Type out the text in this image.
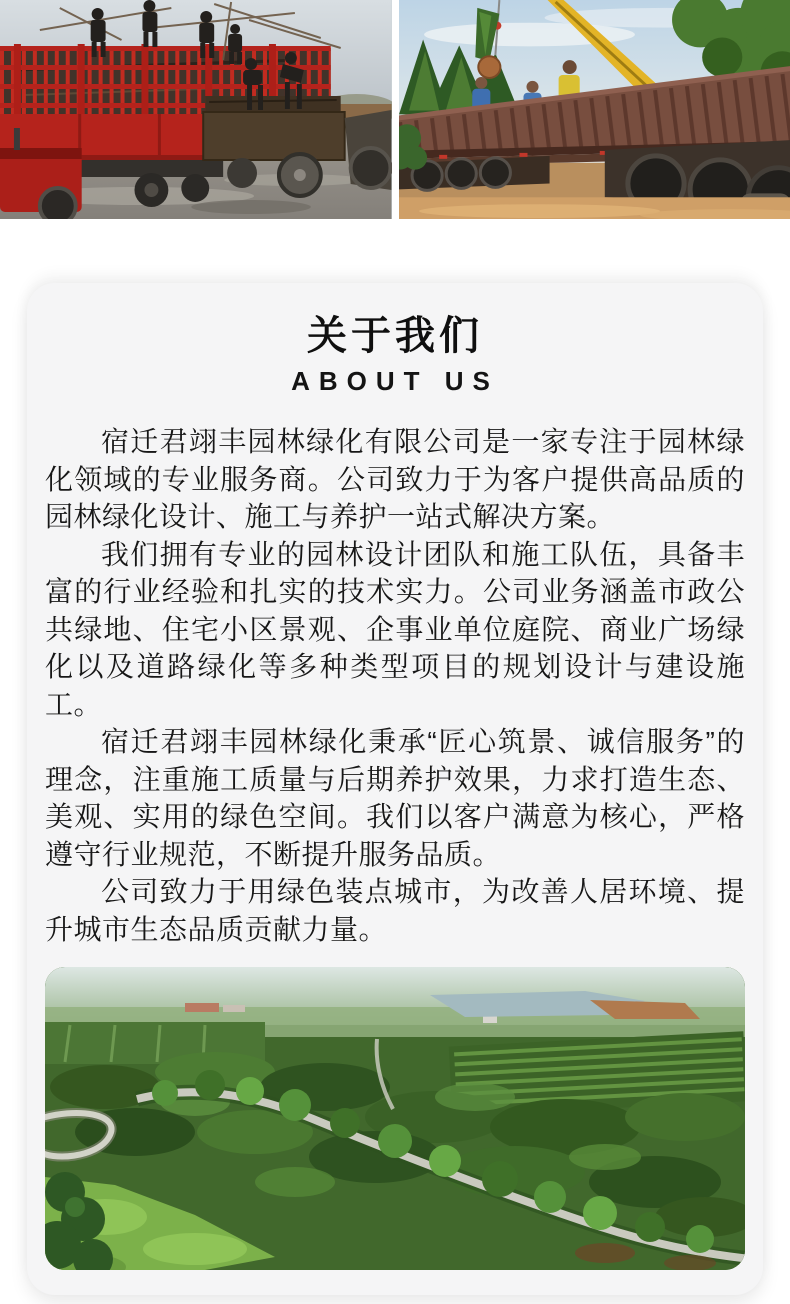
关于我们
ABOUT US

宿迁君翊丰园林绿化有限公司是一家专注于园林绿化领域的专业服务商。公司致力于为客户提供高品质的园林绿化设计、施工与养护一站式解决方案。

我们拥有专业的园林设计团队和施工队伍，具备丰富的行业经验和扎实的技术实力。公司业务涵盖市政公共绿地、住宅小区景观、企事业单位庭院、商业广场绿化以及道路绿化等多种类型项目的规划设计与建设施工。

宿迁君翊丰园林绿化秉承“匠心筑景、诚信服务”的理念，注重施工质量与后期养护效果，力求打造生态、美观、实用的绿色空间。我们以客户满意为核心，严格遵守行业规范，不断提升服务品质。

公司致力于用绿色装点城市，为改善人居环境、提升城市生态品质贡献力量。
